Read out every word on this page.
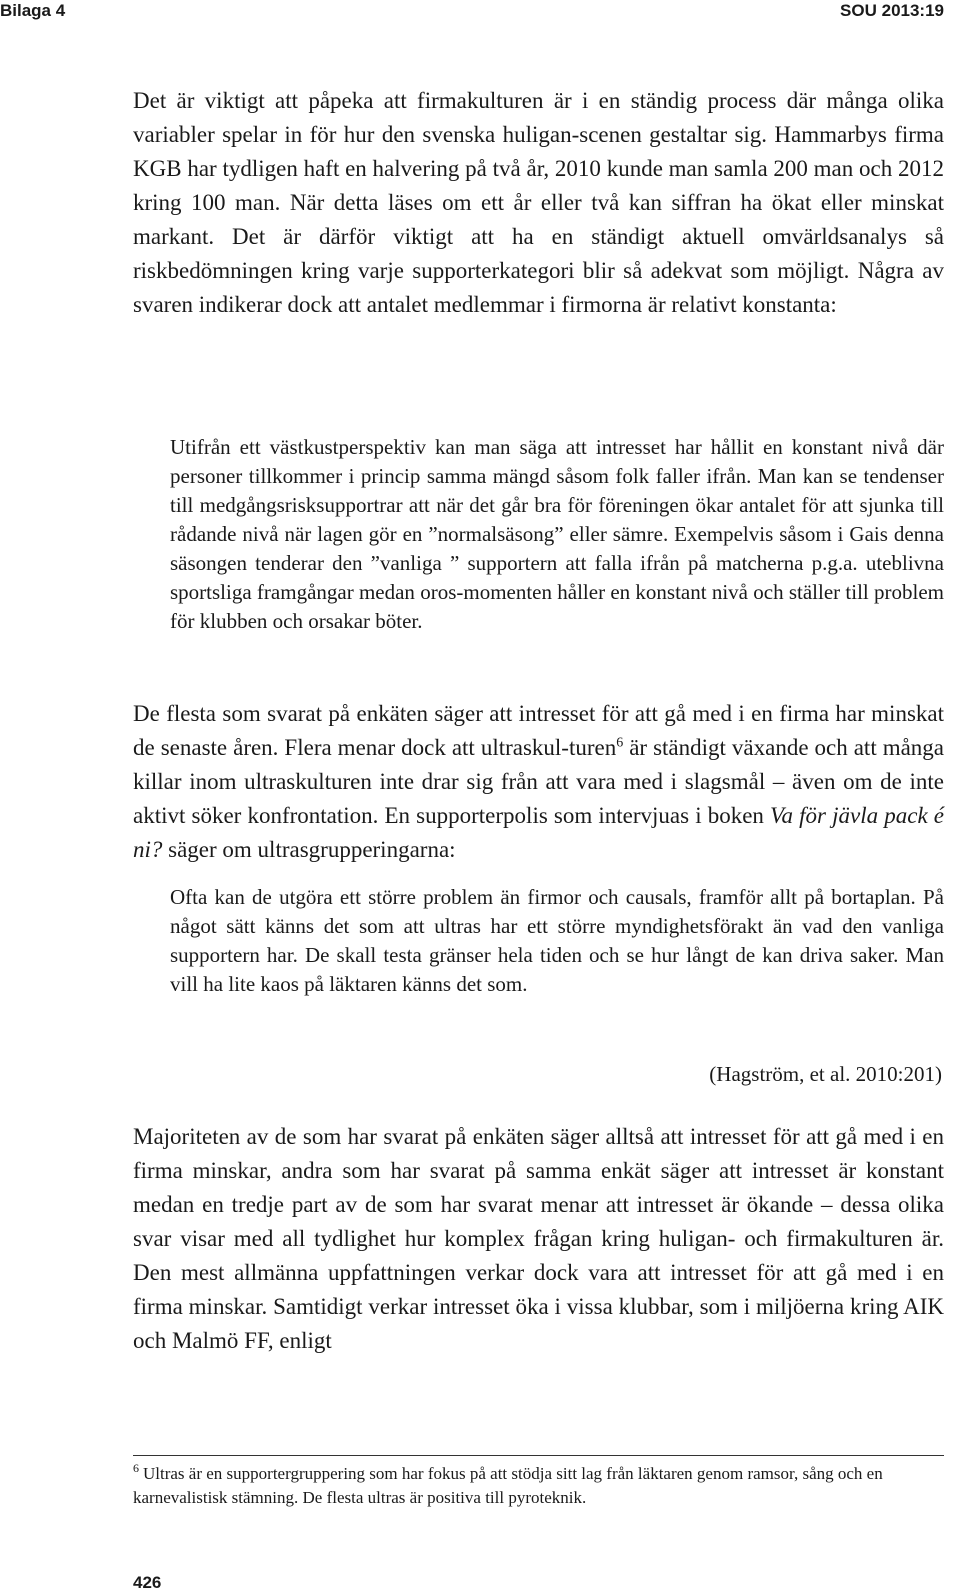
Bilaga 4	SOU 2013:19
Det är viktigt att påpeka att firmakulturen är i en ständig process där många olika variabler spelar in för hur den svenska huligan-scenen gestaltar sig. Hammarbys firma KGB har tydligen haft en halvering på två år, 2010 kunde man samla 200 man och 2012 kring 100 man. När detta läses om ett år eller två kan siffran ha ökat eller minskat markant. Det är därför viktigt att ha en ständigt aktuell omvärldsanalys så riskbedömningen kring varje supporterkategori blir så adekvat som möjligt. Några av svaren indikerar dock att antalet medlemmar i firmorna är relativt konstanta:
Utifrån ett västkustperspektiv kan man säga att intresset har hållit en konstant nivå där personer tillkommer i princip samma mängd såsom folk faller ifrån. Man kan se tendenser till medgångsrisksupportrar att när det går bra för föreningen ökar antalet för att sjunka till rådande nivå när lagen gör en ”normalsäsong” eller sämre. Exempelvis såsom i Gais denna säsongen tenderar den ”vanliga ” supportern att falla ifrån på matcherna p.g.a. uteblivna sportsliga framgångar medan oros-momenten håller en konstant nivå och ställer till problem för klubben och orsakar böter.
De flesta som svarat på enkäten säger att intresset för att gå med i en firma har minskat de senaste åren. Flera menar dock att ultraskul-turen$^6$ är ständigt växande och att många killar inom ultraskulturen inte drar sig från att vara med i slagsmål – även om de inte aktivt söker konfrontation. En supporterpolis som intervjuas i boken Va för jävla pack é ni? säger om ultrasgrupperingarna:
Ofta kan de utgöra ett större problem än firmor och causals, framför allt på bortaplan. På något sätt känns det som att ultras har ett större myndighetsförakt än vad den vanliga supportern har. De skall testa gränser hela tiden och se hur långt de kan driva saker. Man vill ha lite kaos på läktaren känns det som.
(Hagström, et al. 2010:201)
Majoriteten av de som har svarat på enkäten säger alltså att intresset för att gå med i en firma minskar, andra som har svarat på samma enkät säger att intresset är konstant medan en tredje part av de som har svarat menar att intresset är ökande – dessa olika svar visar med all tydlighet hur komplex frågan kring huligan- och firmakulturen är. Den mest allmänna uppfattningen verkar dock vara att intresset för att gå med i en firma minskar. Samtidigt verkar intresset öka i vissa klubbar, som i miljöerna kring AIK och Malmö FF, enligt
$^6$ Ultras är en supportergruppering som har fokus på att stödja sitt lag från läktaren genom ramsor, sång och en karnevalistisk stämning. De flesta ultras är positiva till pyroteknik.
426
